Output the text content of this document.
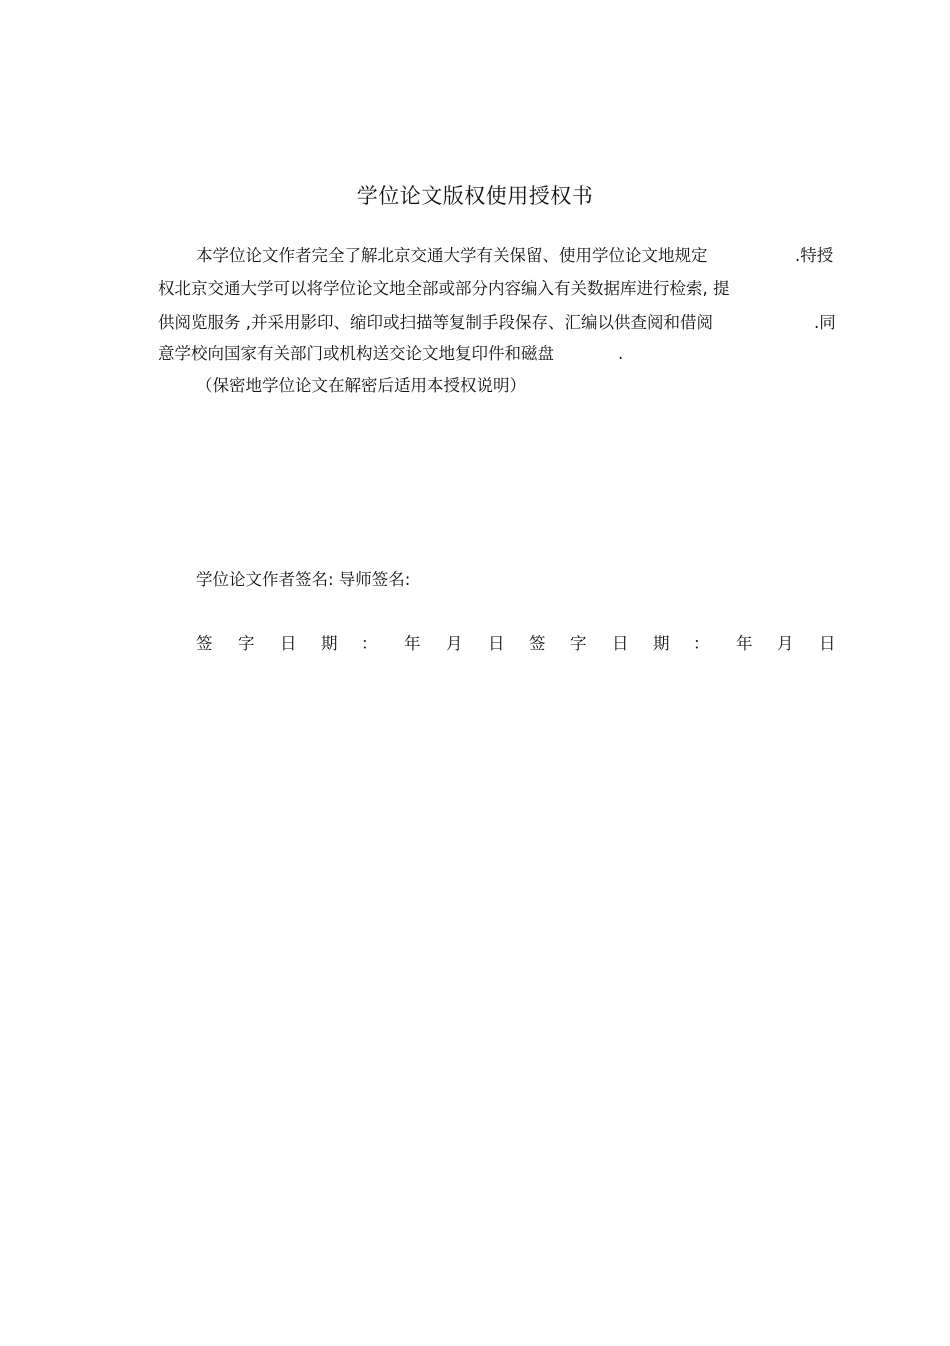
学位论文版权使用授权书
本学位论文作者完全了解北京交通大学有关保留、使用学位论文地规定	.特授
权北京交通大学可以将学位论文地全部或部分内容编入有关数据库进行检索, 提
供阅览服务 ,并采用影印、缩印或扫描等复制手段保存、汇编以供查阅和借阅	.同
意学校向国家有关部门或机构送交论文地复印件和磁盘	.
（保密地学位论文在解密后适用本授权说明）
学位论文作者签名: 导师签名:
签 字 日 期 ： 年 月 日 签 字 日 期 ： 年 月 日
